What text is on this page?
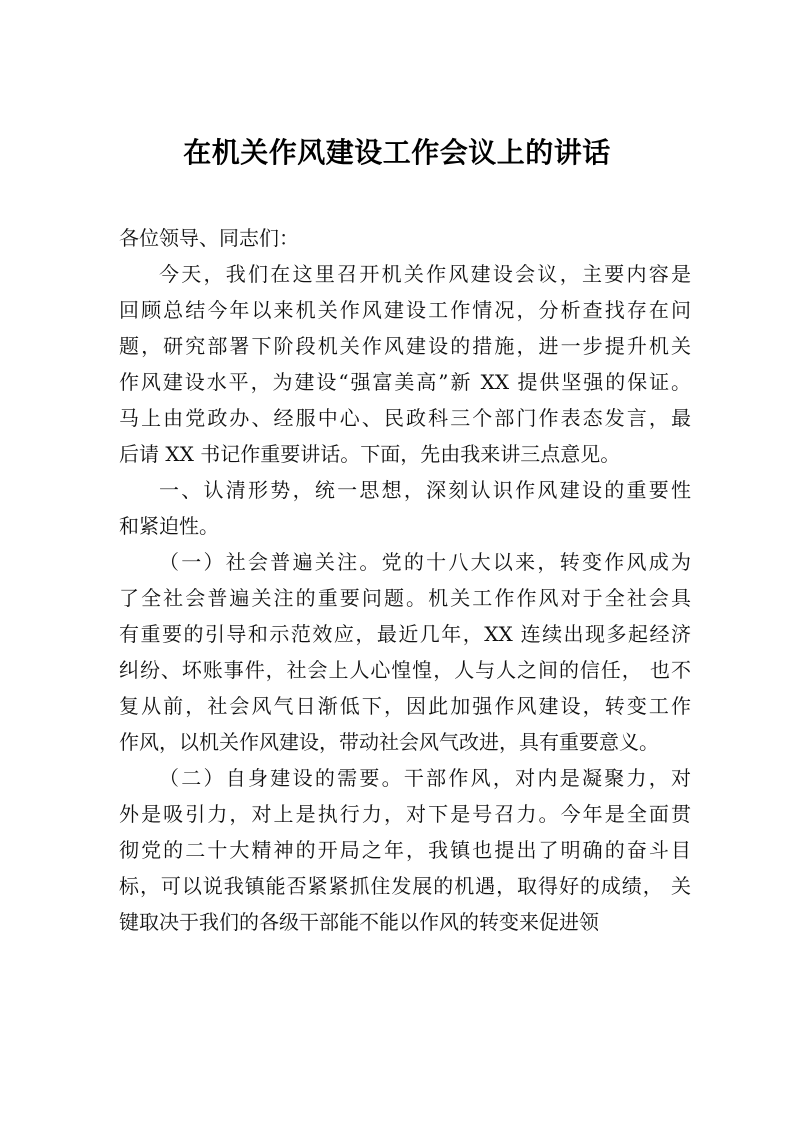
在机关作风建设工作会议上的讲话
各位领导、同志们：
今天，我们在这里召开机关作风建设会议，主要内容是
回顾总结今年以来机关作风建设工作情况，分析查找存在问
题，研究部署下阶段机关作风建设的措施，进一步提升机关
作风建设水平，为建设“强富美高”新 XX 提供坚强的保证。
马上由党政办、经服中心、民政科三个部门作表态发言，最
后请 XX 书记作重要讲话。下面，先由我来讲三点意见。
一、认清形势，统一思想，深刻认识作风建设的重要性
和紧迫性。
（一）社会普遍关注。党的十八大以来，转变作风成为
了全社会普遍关注的重要问题。机关工作作风对于全社会具
有重要的引导和示范效应，最近几年，XX 连续出现多起经济
纠纷、坏账事件，社会上人心惶惶，人与人之间的信任， 也不
复从前，社会风气日渐低下，因此加强作风建设，转变工作
作风，以机关作风建设，带动社会风气改进，具有重要意义。
（二）自身建设的需要。干部作风，对内是凝聚力，对
外是吸引力，对上是执行力，对下是号召力。今年是全面贯
彻党的二十大精神的开局之年，我镇也提出了明确的奋斗目
标，可以说我镇能否紧紧抓住发展的机遇，取得好的成绩， 关
键取决于我们的各级干部能不能以作风的转变来促进领
